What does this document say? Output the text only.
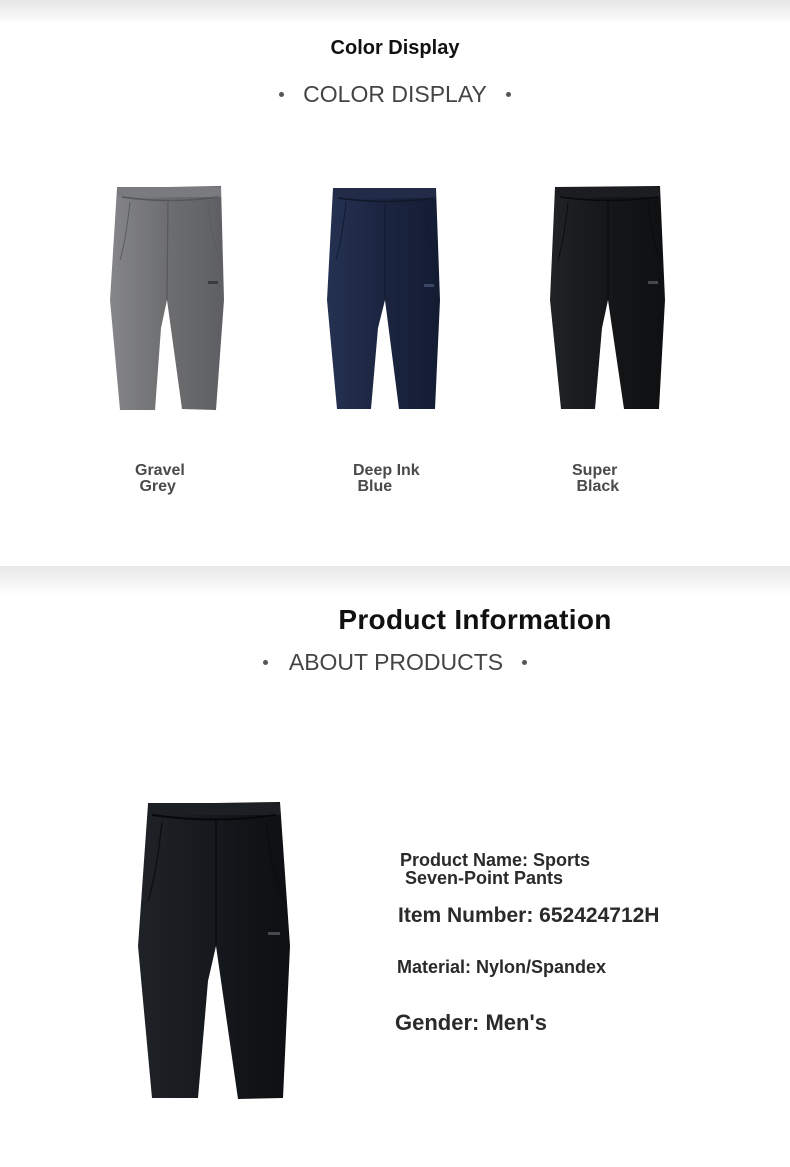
Color Display
COLOR DISPLAY
Gravel
Grey
Deep Ink
Blue
Super
Black
Product Information
ABOUT PRODUCTS
Product Name: Sports
Seven-Point Pants
Item Number: 652424712H
Material: Nylon/Spandex
Gender: Men's
